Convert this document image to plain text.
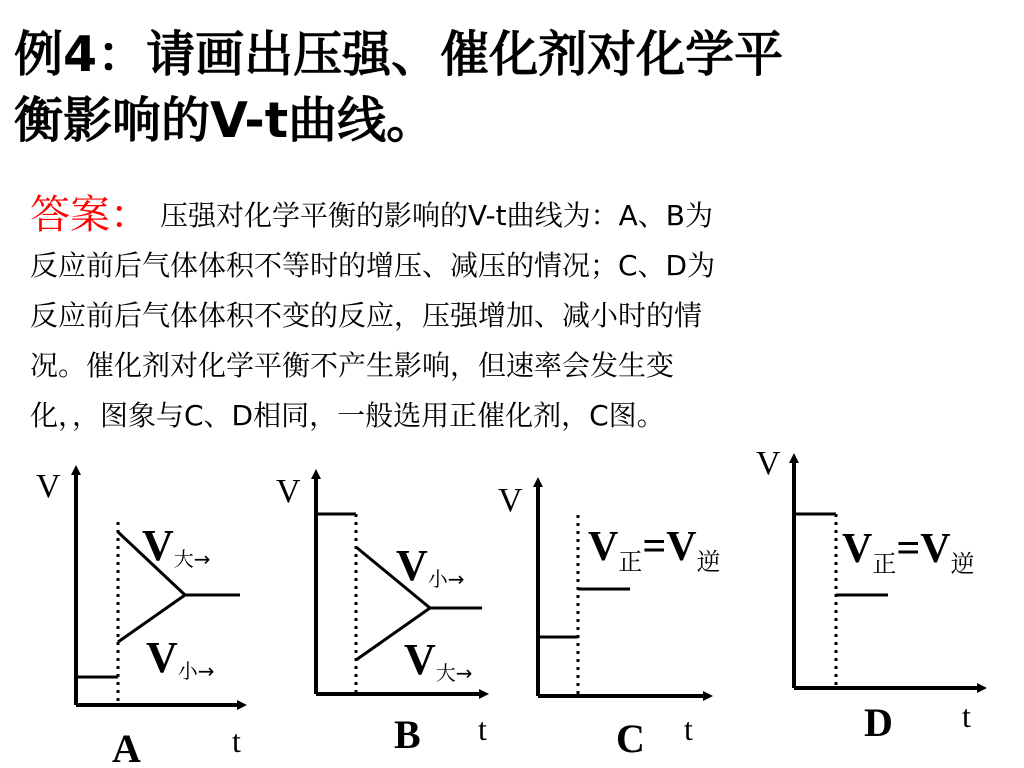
例4：请画出压强、催化剂对化学平
衡影响的V-t曲线。
答案： 压强对化学平衡的影响的V-t曲线为：A、B为
反应前后气体体积不等时的增压、减压的情况；C、D为
反应前后气体体积不变的反应，压强增加、减小时的情
况。催化剂对化学平衡不产生影响，但速率会发生变
化，，图象与C、D相同，一般选用正催化剂，C图。
V
t
V大→
V小→
A
V
t
V小→
V大→
B
V
t
V正=V逆
C
V
t
V正=V逆
D
